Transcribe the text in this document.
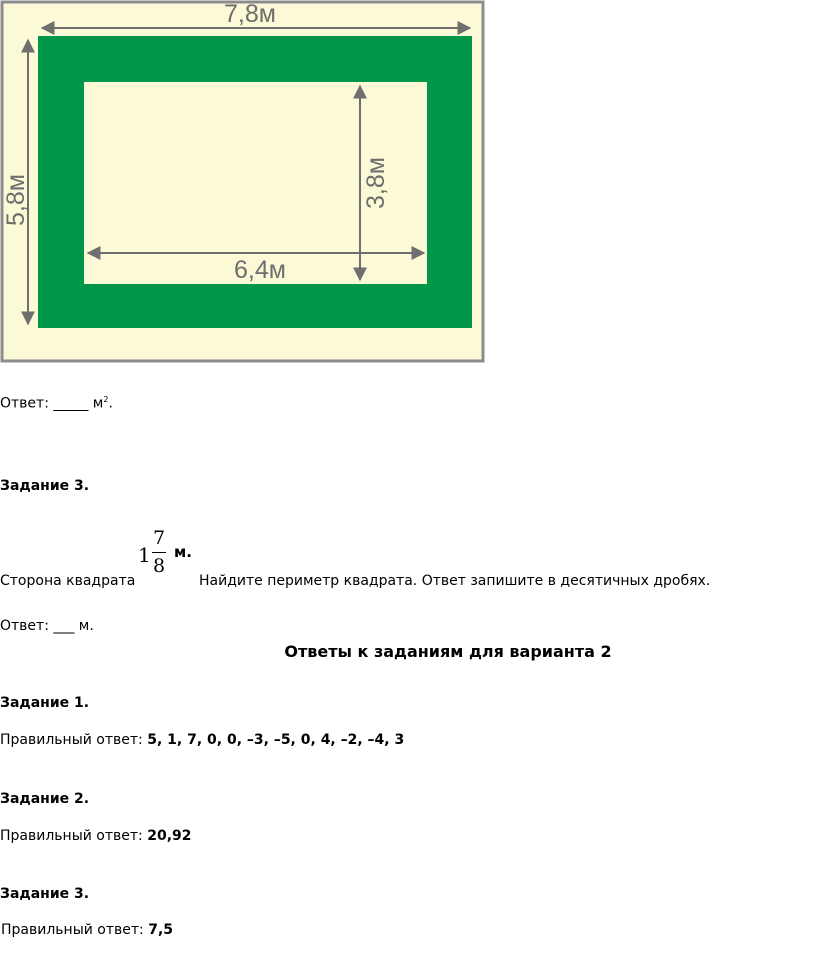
7,8м
5,8м	3,8м
6,4м
Ответ: _____ $м^2$.
Задание 3.
Сторона квадрата
1
7
8
м.
Найдите периметр квадрата. Ответ запишите в десятичных дробях.
Ответ: ___ м.
Ответы к заданиям для варианта 2
Задание 1.
Правильный ответ: 5, 1, 7, 0, 0, –3, –5, 0, 4, –2, –4, 3
Задание 2.
Правильный ответ: 20,92
Задание 3.
Правильный ответ: 7,5
